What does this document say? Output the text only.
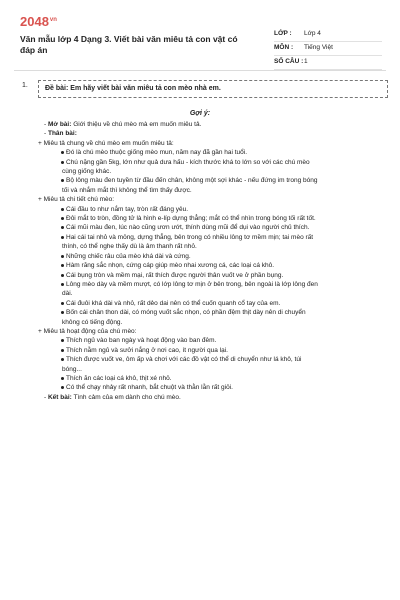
$2048^{vn}$
Văn mẫu lớp 4 Dạng 3. Viết bài văn miêu tả con vật có đáp án
LỚP : Lớp 4
MÔN : Tiếng Việt
SỐ CÂU : 1
1. Đề bài: Em hãy viết bài văn miêu tả con mèo nhà em.
Gợi ý:
- Mở bài: Giới thiệu về chú mèo mà em muốn miêu tả.
- Thân bài:
+ Miêu tả chung về chú mèo em muốn miêu tả:
Đó là chú mèo thuộc giống mèo mun, năm nay đã gần hai tuổi.
Chú nặng gần 5kg, lớn như quả dưa hấu - kích thước khá to lớn so với các chú mèo
cùng giống khác.
Bộ lông màu đen tuyền từ đầu đến chân, không một sợi khác - nếu đứng im trong bóng
tối và nhắm mắt thì không thể tìm thấy được.
+ Miêu tả chi tiết chú mèo:
Cái đầu to như nắm tay, tròn rất đáng yêu.
Đôi mắt to tròn, đồng tử là hình e-líp dựng thẳng; mắt có thể nhìn trong bóng tối rất tốt.
Cái mũi màu đen, lúc nào cũng ươn ướt, thính dùng mũi để dụi vào người chủ thích.
Hai cái tai nhỏ và mỏng, dựng thẳng, bên trong có nhiều lông tơ mềm mịn; tai mèo rất
thính, có thể nghe thấy dù là âm thanh rất nhỏ.
Những chiếc râu của mèo khá dài và cứng.
Hàm răng sắc nhọn, cứng cáp giúp mèo nhai xương cá, các loại cá khô.
Cái bụng tròn và mềm mại, rất thích được người thân vuốt ve ở phần bụng.
Lông mèo dày và mềm mượt, có lớp lông tơ mịn ở bên trong, bên ngoài là lớp lông đen
dài.
Cái đuôi khá dài và nhỏ, rất dẻo dai nên có thể cuốn quanh cổ tay của em.
Bốn cái chân thon dài, có móng vuốt sắc nhọn, có phần đệm thịt dày nên di chuyển
không có tiếng động.
+ Miêu tả hoạt động của chú mèo:
Thích ngủ vào ban ngày và hoạt động vào ban đêm.
Thích nằm ngủ và sưởi nắng ở nơi cao, ít người qua lại.
Thích được vuốt ve, ôm ấp và chơi với các đồ vật có thể di chuyển như lá khô, túi
bóng...
Thích ăn các loại cá khô, thịt xé nhỏ.
Có thể chạy nhảy rất nhanh, bắt chuột và thằn lằn rất giỏi.
- Kết bài: Tình cảm của em dành cho chú mèo.
